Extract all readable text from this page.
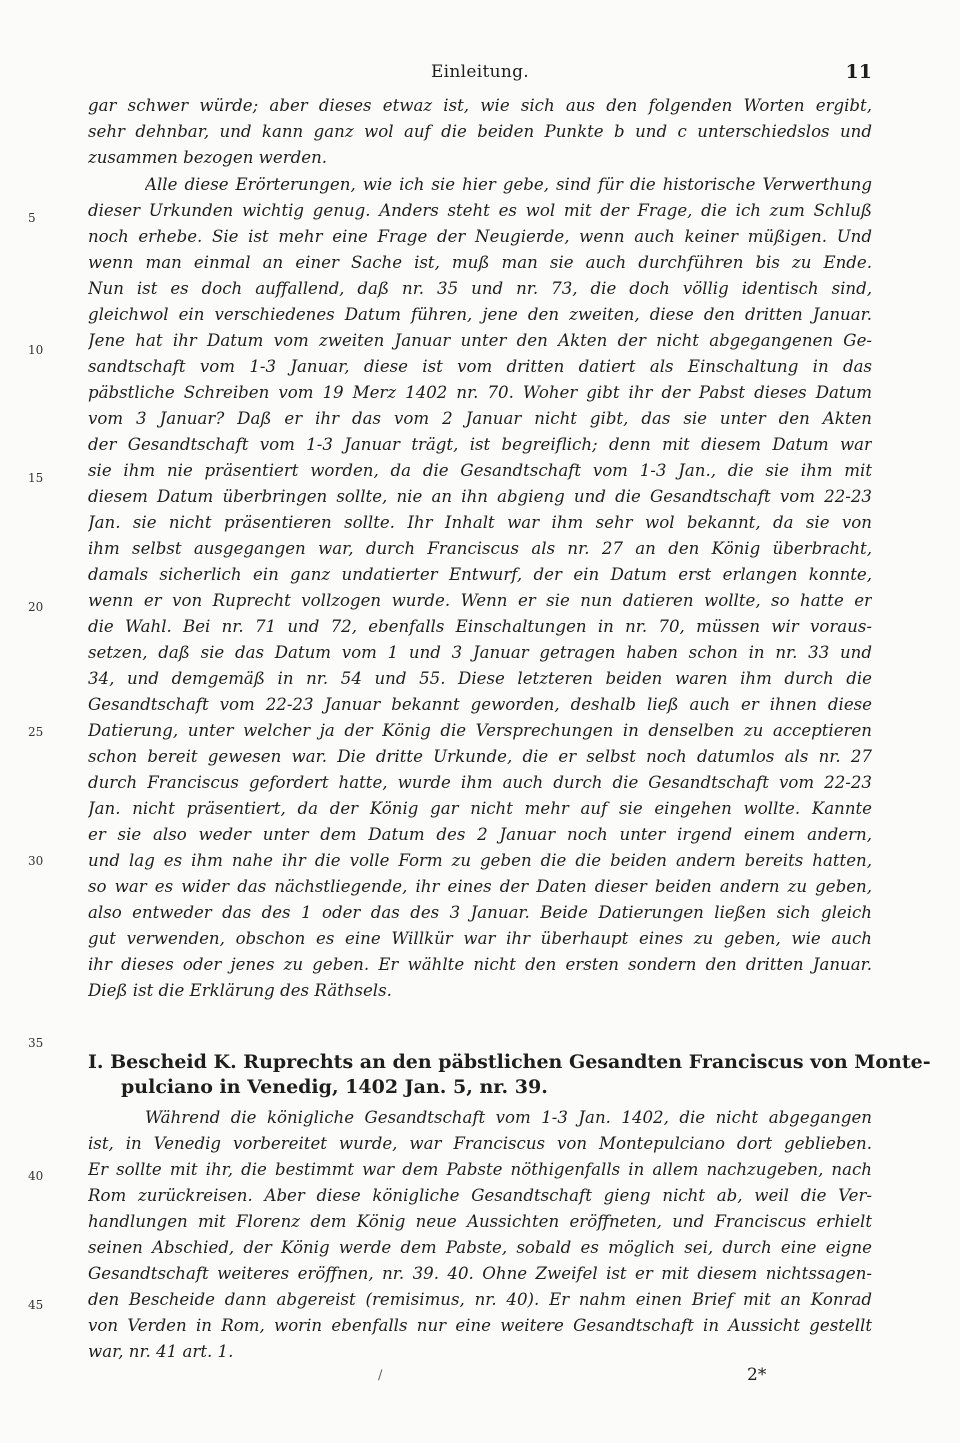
Einleitung.	11
gar schwer würde; aber dieses etwaz ist, wie sich aus den folgenden Worten ergibt,
sehr dehnbar, und kann ganz wol auf die beiden Punkte b und c unterschiedslos und
zusammen bezogen werden.
Alle diese Erörterungen, wie ich sie hier gebe, sind für die historische Verwerthung
dieser Urkunden wichtig genug. Anders steht es wol mit der Frage, die ich zum Schluß
noch erhebe. Sie ist mehr eine Frage der Neugierde, wenn auch keiner müßigen. Und
wenn man einmal an einer Sache ist, muß man sie auch durchführen bis zu Ende.
Nun ist es doch auffallend, daß nr. 35 und nr. 73, die doch völlig identisch sind,
gleichwol ein verschiedenes Datum führen, jene den zweiten, diese den dritten Januar.
Jene hat ihr Datum vom zweiten Januar unter den Akten der nicht abgegangenen Ge-
sandtschaft vom 1-3 Januar, diese ist vom dritten datiert als Einschaltung in das
päbstliche Schreiben vom 19 Merz 1402 nr. 70. Woher gibt ihr der Pabst dieses Datum
vom 3 Januar? Daß er ihr das vom 2 Januar nicht gibt, das sie unter den Akten
der Gesandtschaft vom 1-3 Januar trägt, ist begreiflich; denn mit diesem Datum war
sie ihm nie präsentiert worden, da die Gesandtschaft vom 1-3 Jan., die sie ihm mit
diesem Datum überbringen sollte, nie an ihn abgieng und die Gesandtschaft vom 22-23
Jan. sie nicht präsentieren sollte. Ihr Inhalt war ihm sehr wol bekannt, da sie von
ihm selbst ausgegangen war, durch Franciscus als nr. 27 an den König überbracht,
damals sicherlich ein ganz undatierter Entwurf, der ein Datum erst erlangen konnte,
wenn er von Ruprecht vollzogen wurde. Wenn er sie nun datieren wollte, so hatte er
die Wahl. Bei nr. 71 und 72, ebenfalls Einschaltungen in nr. 70, müssen wir voraus-
setzen, daß sie das Datum vom 1 und 3 Januar getragen haben schon in nr. 33 und
34, und demgemäß in nr. 54 und 55. Diese letzteren beiden waren ihm durch die
Gesandtschaft vom 22-23 Januar bekannt geworden, deshalb ließ auch er ihnen diese
Datierung, unter welcher ja der König die Versprechungen in denselben zu acceptieren
schon bereit gewesen war. Die dritte Urkunde, die er selbst noch datumlos als nr. 27
durch Franciscus gefordert hatte, wurde ihm auch durch die Gesandtschaft vom 22-23
Jan. nicht präsentiert, da der König gar nicht mehr auf sie eingehen wollte. Kannte
er sie also weder unter dem Datum des 2 Januar noch unter irgend einem andern,
und lag es ihm nahe ihr die volle Form zu geben die die beiden andern bereits hatten,
so war es wider das nächstliegende, ihr eines der Daten dieser beiden andern zu geben,
also entweder das des 1 oder das des 3 Januar. Beide Datierungen ließen sich gleich
gut verwenden, obschon es eine Willkür war ihr überhaupt eines zu geben, wie auch
ihr dieses oder jenes zu geben. Er wählte nicht den ersten sondern den dritten Januar.
Dieß ist die Erklärung des Räthsels.
Während die königliche Gesandtschaft vom 1-3 Jan. 1402, die nicht abgegangen
ist, in Venedig vorbereitet wurde, war Franciscus von Montepulciano dort geblieben.
Er sollte mit ihr, die bestimmt war dem Pabste nöthigenfalls in allem nachzugeben, nach
Rom zurückreisen. Aber diese königliche Gesandtschaft gieng nicht ab, weil die Ver-
handlungen mit Florenz dem König neue Aussichten eröffneten, und Franciscus erhielt
seinen Abschied, der König werde dem Pabste, sobald es möglich sei, durch eine eigne
Gesandtschaft weiteres eröffnen, nr. 39. 40. Ohne Zweifel ist er mit diesem nichtssagen-
den Bescheide dann abgereist (remisimus, nr. 40). Er nahm einen Brief mit an Konrad
von Verden in Rom, worin ebenfalls nur eine weitere Gesandtschaft in Aussicht gestellt
war, nr. 41 art. 1.
5
10
15
20
25
30
35
40
45
I. Bescheid K. Ruprechts an den päbstlichen Gesandten Franciscus von Monte-
pulciano in Venedig, 1402 Jan. 5, nr. 39.
/	2*
